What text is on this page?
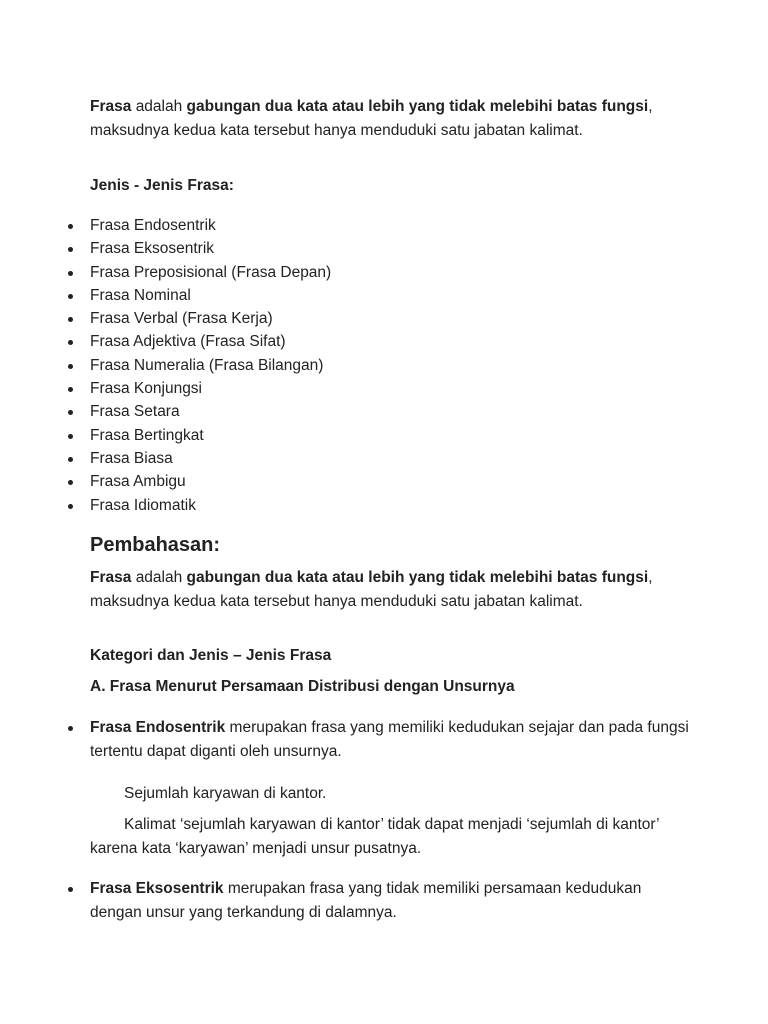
Frasa adalah gabungan dua kata atau lebih yang tidak melebihi batas fungsi, maksudnya kedua kata tersebut hanya menduduki satu jabatan kalimat.

Jenis - Jenis Frasa:

Frasa Endosentrik
Frasa Eksosentrik
Frasa Preposisional (Frasa Depan)
Frasa Nominal
Frasa Verbal (Frasa Kerja)
Frasa Adjektiva (Frasa Sifat)
Frasa Numeralia (Frasa Bilangan)
Frasa Konjungsi
Frasa Setara
Frasa Bertingkat
Frasa Biasa
Frasa Ambigu
Frasa Idiomatik
Pembahasan:

Frasa adalah gabungan dua kata atau lebih yang tidak melebihi batas fungsi, maksudnya kedua kata tersebut hanya menduduki satu jabatan kalimat.

Kategori dan Jenis – Jenis Frasa

A. Frasa Menurut Persamaan Distribusi dengan Unsurnya

Frasa Endosentrik merupakan frasa yang memiliki kedudukan sejajar dan pada fungsi tertentu dapat diganti oleh unsurnya.

Sejumlah karyawan di kantor.

Kalimat ‘sejumlah karyawan di kantor’ tidak dapat menjadi ‘sejumlah di kantor’ karena kata ‘karyawan’ menjadi unsur pusatnya.

Frasa Eksosentrik merupakan frasa yang tidak memiliki persamaan kedudukan dengan unsur yang terkandung di dalamnya.
